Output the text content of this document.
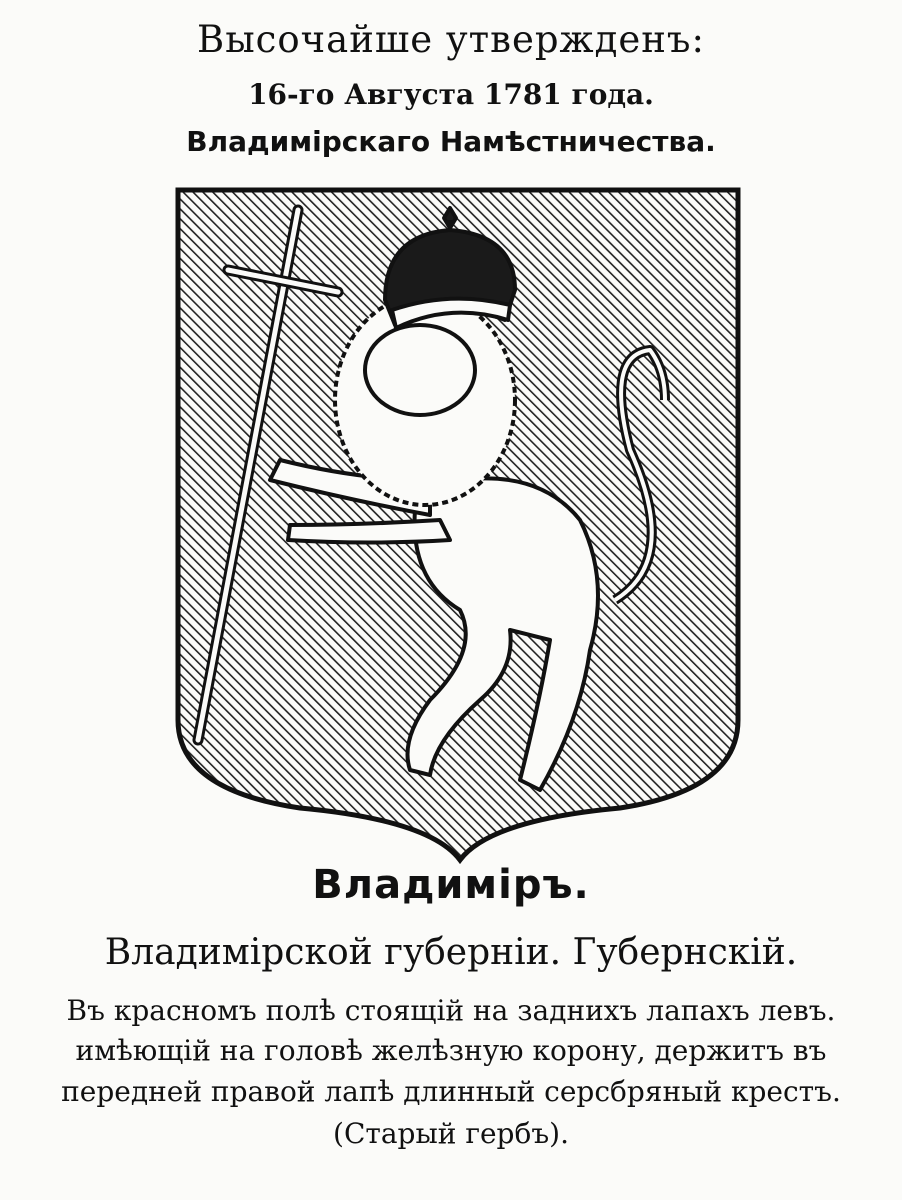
Высочайше утвержденъ:
16-го Августа 1781 года.
Владимірскаго Намѣстничества.
Владиміръ.
Владимірской губерніи. Губернскій.
Въ красномъ полѣ стоящій на заднихъ лапахъ левъ.
имѣющій на головѣ желѣзную корону, держитъ въ
передней правой лапѣ длинный серсбряный крестъ.
(Старый гербъ).
